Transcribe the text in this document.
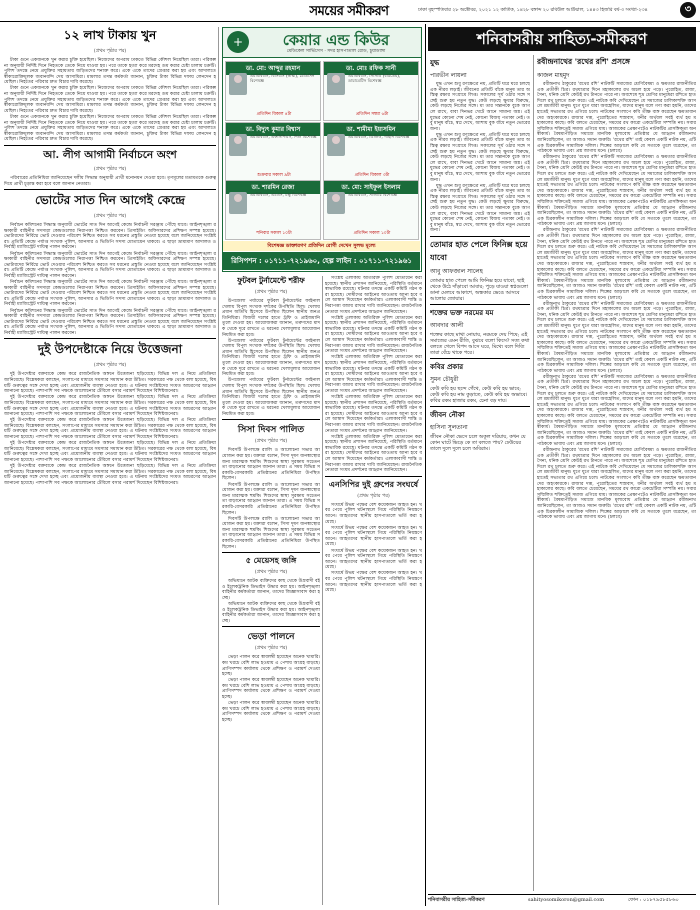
সময়ের সমীকরণ	ঢাকা বৃহস্পতিবার ২৮ অক্টোবর, ২০২১ ১২ কার্তিক, ১৪২৮ বঙ্গাব্দ ২০ রবিউল আউয়াল, ১৪৪৩ হিজরি বর্ষ-৩ সংখ্যা-২৩৪	৩
১২ লাখ টাকায় খুন
(প্রথম পৃষ্ঠার পর)

টাকা গুনে একজনকে খুন করার চুক্তি হয়েছিল। নিজেদের অপরাধ ঢাকতে বিভিন্ন কৌশল নিয়েছিল তারা। পরিকল্পনা অনুযায়ী নির্দিষ্ট দিনে নিহতকে ডেকে নিয়ে যাওয়া হয়। পরে তাকে হত্যা করে মরদেহ গুম করার চেষ্টা চালায় চক্রটি। পুলিশ তদন্তে নেমে প্রযুক্তির সহায়তায় জড়িতদের শনাক্ত করে। একে একে তাদের গ্রেপ্তার করা হয় এবং আদালতে স্বীকারোক্তিমূলক জবানবন্দি দেয় আসামিরা। মামলার তদন্ত কর্মকর্তা জানান, চুক্তির টাকা বিভিন্ন দফায় লেনদেন হয়েছিল। নিহতের পরিবার দ্রুত বিচার দাবি করেছে।

টাকা গুনে একজনকে খুন করার চুক্তি হয়েছিল। নিজেদের অপরাধ ঢাকতে বিভিন্ন কৌশল নিয়েছিল তারা। পরিকল্পনা অনুযায়ী নির্দিষ্ট দিনে নিহতকে ডেকে নিয়ে যাওয়া হয়। পরে তাকে হত্যা করে মরদেহ গুম করার চেষ্টা চালায় চক্রটি। পুলিশ তদন্তে নেমে প্রযুক্তির সহায়তায় জড়িতদের শনাক্ত করে। একে একে তাদের গ্রেপ্তার করা হয় এবং আদালতে স্বীকারোক্তিমূলক জবানবন্দি দেয় আসামিরা। মামলার তদন্ত কর্মকর্তা জানান, চুক্তির টাকা বিভিন্ন দফায় লেনদেন হয়েছিল। নিহতের পরিবার দ্রুত বিচার দাবি করেছে।

টাকা গুনে একজনকে খুন করার চুক্তি হয়েছিল। নিজেদের অপরাধ ঢাকতে বিভিন্ন কৌশল নিয়েছিল তারা। পরিকল্পনা অনুযায়ী নির্দিষ্ট দিনে নিহতকে ডেকে নিয়ে যাওয়া হয়। পরে তাকে হত্যা করে মরদেহ গুম করার চেষ্টা চালায় চক্রটি। পুলিশ তদন্তে নেমে প্রযুক্তির সহায়তায় জড়িতদের শনাক্ত করে। একে একে তাদের গ্রেপ্তার করা হয় এবং আদালতে স্বীকারোক্তিমূলক জবানবন্দি দেয় আসামিরা। মামলার তদন্ত কর্মকর্তা জানান, চুক্তির টাকা বিভিন্ন দফায় লেনদেন হয়েছিল। নিহতের পরিবার দ্রুত বিচার দাবি করেছে।

আ. লীগ আগামী নির্বাচনে অংশ
(প্রথম পৃষ্ঠার পর)

পরিবারের প্রতিনিধিরা জানিয়েছেন দলীয় সিদ্ধান্ত অনুযায়ী প্রার্থী মনোনয়ন দেওয়া হবে। তৃণমূলের মতামতকে গুরুত্ব দিয়ে প্রার্থী চূড়ান্ত করা হবে বলে জানান নেতারা।

ভোটের সাত দিন আগেই কেন্দ্রে
(প্রথম পৃষ্ঠার পর)

নির্বাচন কমিশনের সিদ্ধান্ত অনুযায়ী ভোটের সাত দিন আগেই কেন্দ্রে নির্বাচনী সরঞ্জাম পৌঁছে যাবে। আইনশৃঙ্খলা রক্ষাকারী বাহিনীর সদস্যরা কেন্দ্রগুলোর নিরাপত্তা নিশ্চিত করবেন। প্রিসাইডিং অফিসারদের প্রশিক্ষণ সম্পন্ন হয়েছে। ভোটারদের নির্বিঘ্নে ভোট দেওয়ার পরিবেশ নিশ্চিত করতে সব ধরনের প্রস্তুতি নেওয়া হয়েছে বলে জানিয়েছেন সংশ্লিষ্টরা। প্রতিটি কেন্দ্রে পর্যাপ্ত সংখ্যক পুলিশ, আনসার ও ভিডিপি সদস্য মোতায়েন থাকবে। এ ছাড়া ভ্রাম্যমাণ আদালত ও নির্বাহী ম্যাজিস্ট্রেট দায়িত্ব পালন করবেন।

নির্বাচন কমিশনের সিদ্ধান্ত অনুযায়ী ভোটের সাত দিন আগেই কেন্দ্রে নির্বাচনী সরঞ্জাম পৌঁছে যাবে। আইনশৃঙ্খলা রক্ষাকারী বাহিনীর সদস্যরা কেন্দ্রগুলোর নিরাপত্তা নিশ্চিত করবেন। প্রিসাইডিং অফিসারদের প্রশিক্ষণ সম্পন্ন হয়েছে। ভোটারদের নির্বিঘ্নে ভোট দেওয়ার পরিবেশ নিশ্চিত করতে সব ধরনের প্রস্তুতি নেওয়া হয়েছে বলে জানিয়েছেন সংশ্লিষ্টরা। প্রতিটি কেন্দ্রে পর্যাপ্ত সংখ্যক পুলিশ, আনসার ও ভিডিপি সদস্য মোতায়েন থাকবে। এ ছাড়া ভ্রাম্যমাণ আদালত ও নির্বাহী ম্যাজিস্ট্রেট দায়িত্ব পালন করবেন।

নির্বাচন কমিশনের সিদ্ধান্ত অনুযায়ী ভোটের সাত দিন আগেই কেন্দ্রে নির্বাচনী সরঞ্জাম পৌঁছে যাবে। আইনশৃঙ্খলা রক্ষাকারী বাহিনীর সদস্যরা কেন্দ্রগুলোর নিরাপত্তা নিশ্চিত করবেন। প্রিসাইডিং অফিসারদের প্রশিক্ষণ সম্পন্ন হয়েছে। ভোটারদের নির্বিঘ্নে ভোট দেওয়ার পরিবেশ নিশ্চিত করতে সব ধরনের প্রস্তুতি নেওয়া হয়েছে বলে জানিয়েছেন সংশ্লিষ্টরা। প্রতিটি কেন্দ্রে পর্যাপ্ত সংখ্যক পুলিশ, আনসার ও ভিডিপি সদস্য মোতায়েন থাকবে। এ ছাড়া ভ্রাম্যমাণ আদালত ও নির্বাহী ম্যাজিস্ট্রেট দায়িত্ব পালন করবেন।

নির্বাচন কমিশনের সিদ্ধান্ত অনুযায়ী ভোটের সাত দিন আগেই কেন্দ্রে নির্বাচনী সরঞ্জাম পৌঁছে যাবে। আইনশৃঙ্খলা রক্ষাকারী বাহিনীর সদস্যরা কেন্দ্রগুলোর নিরাপত্তা নিশ্চিত করবেন। প্রিসাইডিং অফিসারদের প্রশিক্ষণ সম্পন্ন হয়েছে। ভোটারদের নির্বিঘ্নে ভোট দেওয়ার পরিবেশ নিশ্চিত করতে সব ধরনের প্রস্তুতি নেওয়া হয়েছে বলে জানিয়েছেন সংশ্লিষ্টরা। প্রতিটি কেন্দ্রে পর্যাপ্ত সংখ্যক পুলিশ, আনসার ও ভিডিপি সদস্য মোতায়েন থাকবে। এ ছাড়া ভ্রাম্যমাণ আদালত ও নির্বাহী ম্যাজিস্ট্রেট দায়িত্ব পালন করবেন।

দুই উপদেষ্টাকে নিয়ে উত্তেজনা
(প্রথম পৃষ্ঠার পর)

দুই উপদেষ্টার বক্তব্যকে কেন্দ্র করে রাজনৈতিক অঙ্গনে উত্তেজনা ছড়িয়েছে। বিভিন্ন দল এ নিয়ে প্রতিক্রিয়া জানিয়েছে। বিশ্লেষকরা বলছেন, সংলাপের মাধ্যমে সমস্যার সমাধান করা উচিত। সরকারের পক্ষ থেকে বলা হয়েছে, বিষয়টি গুরুত্বের সঙ্গে দেখা হচ্ছে এবং প্রয়োজনীয় ব্যবস্থা নেওয়া হবে। এ ঘটনায় সংশ্লিষ্টদের সংযত আচরণের আহ্বান জানানো হয়েছে। পাশাপাশি সব পক্ষকে আলোচনার টেবিলে বসার পরামর্শ দিয়েছেন বিশিষ্টজনেরা।

দুই উপদেষ্টার বক্তব্যকে কেন্দ্র করে রাজনৈতিক অঙ্গনে উত্তেজনা ছড়িয়েছে। বিভিন্ন দল এ নিয়ে প্রতিক্রিয়া জানিয়েছে। বিশ্লেষকরা বলছেন, সংলাপের মাধ্যমে সমস্যার সমাধান করা উচিত। সরকারের পক্ষ থেকে বলা হয়েছে, বিষয়টি গুরুত্বের সঙ্গে দেখা হচ্ছে এবং প্রয়োজনীয় ব্যবস্থা নেওয়া হবে। এ ঘটনায় সংশ্লিষ্টদের সংযত আচরণের আহ্বান জানানো হয়েছে। পাশাপাশি সব পক্ষকে আলোচনার টেবিলে বসার পরামর্শ দিয়েছেন বিশিষ্টজনেরা।

দুই উপদেষ্টার বক্তব্যকে কেন্দ্র করে রাজনৈতিক অঙ্গনে উত্তেজনা ছড়িয়েছে। বিভিন্ন দল এ নিয়ে প্রতিক্রিয়া জানিয়েছে। বিশ্লেষকরা বলছেন, সংলাপের মাধ্যমে সমস্যার সমাধান করা উচিত। সরকারের পক্ষ থেকে বলা হয়েছে, বিষয়টি গুরুত্বের সঙ্গে দেখা হচ্ছে এবং প্রয়োজনীয় ব্যবস্থা নেওয়া হবে। এ ঘটনায় সংশ্লিষ্টদের সংযত আচরণের আহ্বান জানানো হয়েছে। পাশাপাশি সব পক্ষকে আলোচনার টেবিলে বসার পরামর্শ দিয়েছেন বিশিষ্টজনেরা।

দুই উপদেষ্টার বক্তব্যকে কেন্দ্র করে রাজনৈতিক অঙ্গনে উত্তেজনা ছড়িয়েছে। বিভিন্ন দল এ নিয়ে প্রতিক্রিয়া জানিয়েছে। বিশ্লেষকরা বলছেন, সংলাপের মাধ্যমে সমস্যার সমাধান করা উচিত। সরকারের পক্ষ থেকে বলা হয়েছে, বিষয়টি গুরুত্বের সঙ্গে দেখা হচ্ছে এবং প্রয়োজনীয় ব্যবস্থা নেওয়া হবে। এ ঘটনায় সংশ্লিষ্টদের সংযত আচরণের আহ্বান জানানো হয়েছে। পাশাপাশি সব পক্ষকে আলোচনার টেবিলে বসার পরামর্শ দিয়েছেন বিশিষ্টজনেরা।

দুই উপদেষ্টার বক্তব্যকে কেন্দ্র করে রাজনৈতিক অঙ্গনে উত্তেজনা ছড়িয়েছে। বিভিন্ন দল এ নিয়ে প্রতিক্রিয়া জানিয়েছে। বিশ্লেষকরা বলছেন, সংলাপের মাধ্যমে সমস্যার সমাধান করা উচিত। সরকারের পক্ষ থেকে বলা হয়েছে, বিষয়টি গুরুত্বের সঙ্গে দেখা হচ্ছে এবং প্রয়োজনীয় ব্যবস্থা নেওয়া হবে। এ ঘটনায় সংশ্লিষ্টদের সংযত আচরণের আহ্বান জানানো হয়েছে। পাশাপাশি সব পক্ষকে আলোচনার টেবিলে বসার পরামর্শ দিয়েছেন বিশিষ্টজনেরা।

+	কেয়ার এন্ড কিউর
মেডিকেল সার্ভিসেস · সদর হাসপাতাল রোড, চুয়াডাঙ্গা
ডা. মো: আব্দুর রহমান
এমবিবিএস, বিসিএস (স্বাস্থ্য), মেডিসিন বিশেষজ্ঞ
প্রতিদিন বিকাল ৪টা
ডা. মোঃ রফিক সানী
এমবিবিএস, সিসিডি (বারডেম), ডায়াবেটিস বিশেষজ্ঞ
প্রতিদিন সন্ধ্যা ৬টা
ডা. বিদ্যুৎ কুমার বিশ্বাস
এমবিবিএস, এফসিপিএস, শিশু বিশেষজ্ঞ
শুক্রবার সকাল ৯টা
ডা. শামীমা ইয়াসমিন
এমবিবিএস, ডিজিও, গাইনি বিশেষজ্ঞ
প্রতিদিন বিকাল ৩টা
ডা. শারমিন রেজা
এমবিবিএস, এমএস, চক্ষু বিশেষজ্ঞ
শনিবার সকাল ১০টা
ডা. মো: সাইফুল ইসলাম
এমবিবিএস, সার্জারি বিশেষজ্ঞ
প্রতিদিন সকাল ১০টা
বিশেষজ্ঞ ডাক্তারগণ প্রতিদিন রোগী দেখেন সুলভ মূল্যে
রিসিপশন : ০১৭১১-৭২১৯৬০, হেল্প লাইন : ০১৭১১-৭২১৯৬১
ফুটবল টুর্নামেন্টে শরীফ
(প্রথম পৃষ্ঠার পর)

উপজেলা পর্যায়ের ফুটবল টুর্নামেন্টের ফাইনাল খেলায় বিপুল সংখ্যক দর্শকের উপস্থিতি ছিল। খেলায় প্রধান অতিথি হিসেবে উপস্থিত ছিলেন স্থানীয় জনপ্রতিনিধিরা। বিজয়ী দলের হাতে ট্রফি ও প্রাইজমানি তুলে দেওয়া হয়। আয়োজকরা জানান, তরুণদের মাদক থেকে দূরে রাখতে এ ধরনের খেলাধুলার আয়োজন নিয়মিত করা হবে।

উপজেলা পর্যায়ের ফুটবল টুর্নামেন্টের ফাইনাল খেলায় বিপুল সংখ্যক দর্শকের উপস্থিতি ছিল। খেলায় প্রধান অতিথি হিসেবে উপস্থিত ছিলেন স্থানীয় জনপ্রতিনিধিরা। বিজয়ী দলের হাতে ট্রফি ও প্রাইজমানি তুলে দেওয়া হয়। আয়োজকরা জানান, তরুণদের মাদক থেকে দূরে রাখতে এ ধরনের খেলাধুলার আয়োজন নিয়মিত করা হবে।

উপজেলা পর্যায়ের ফুটবল টুর্নামেন্টের ফাইনাল খেলায় বিপুল সংখ্যক দর্শকের উপস্থিতি ছিল। খেলায় প্রধান অতিথি হিসেবে উপস্থিত ছিলেন স্থানীয় জনপ্রতিনিধিরা। বিজয়ী দলের হাতে ট্রফি ও প্রাইজমানি তুলে দেওয়া হয়। আয়োজকরা জানান, তরুণদের মাদক থেকে দূরে রাখতে এ ধরনের খেলাধুলার আয়োজন নিয়মিত করা হবে।

সিসা দিবস পালিত
(প্রথম পৃষ্ঠার পর)

দিবসটি উপলক্ষে র‍্যালি ও আলোচনা সভার আয়োজন করা হয়। বক্তারা বলেন, সিসা দূষণ জনস্বাস্থ্যের জন্য মারাত্মক হুমকি। শিশুদের স্বাস্থ্য সুরক্ষায় সচেতনতা বাড়ানোর আহ্বান জানান তারা। এ সময় বিভিন্ন সরকারি-বেসরকারি প্রতিষ্ঠানের প্রতিনিধিরা উপস্থিত ছিলেন।

দিবসটি উপলক্ষে র‍্যালি ও আলোচনা সভার আয়োজন করা হয়। বক্তারা বলেন, সিসা দূষণ জনস্বাস্থ্যের জন্য মারাত্মক হুমকি। শিশুদের স্বাস্থ্য সুরক্ষায় সচেতনতা বাড়ানোর আহ্বান জানান তারা। এ সময় বিভিন্ন সরকারি-বেসরকারি প্রতিষ্ঠানের প্রতিনিধিরা উপস্থিত ছিলেন।

দিবসটি উপলক্ষে র‍্যালি ও আলোচনা সভার আয়োজন করা হয়। বক্তারা বলেন, সিসা দূষণ জনস্বাস্থ্যের জন্য মারাত্মক হুমকি। শিশুদের স্বাস্থ্য সুরক্ষায় সচেতনতা বাড়ানোর আহ্বান জানান তারা। এ সময় বিভিন্ন সরকারি-বেসরকারি প্রতিষ্ঠানের প্রতিনিধিরা উপস্থিত ছিলেন।

৫ মেয়েসহ জঙ্গি
(প্রথম পৃষ্ঠার পর)

অভিযানে আটক ব্যক্তিদের কাছ থেকে উগ্রবাদী বই ও ইলেকট্রনিক ডিভাইস উদ্ধার করা হয়। আইনশৃঙ্খলা বাহিনীর কর্মকর্তারা জানান, তাদের জিজ্ঞাসাবাদ করা হচ্ছে।

অভিযানে আটক ব্যক্তিদের কাছ থেকে উগ্রবাদী বই ও ইলেকট্রনিক ডিভাইস উদ্ধার করা হয়। আইনশৃঙ্খলা বাহিনীর কর্মকর্তারা জানান, তাদের জিজ্ঞাসাবাদ করা হচ্ছে।

ভেড়া পালনে
(প্রথম পৃষ্ঠার পর)

ভেড়া পালন করে স্বাবলম্বী হয়েছেন অনেক খামারি। কম খরচে বেশি লাভ হওয়ায় এ পেশায় আগ্রহ বাড়ছে। প্রাণিসম্পদ কার্যালয় থেকে প্রশিক্ষণ ও পরামর্শ দেওয়া হচ্ছে।

ভেড়া পালন করে স্বাবলম্বী হয়েছেন অনেক খামারি। কম খরচে বেশি লাভ হওয়ায় এ পেশায় আগ্রহ বাড়ছে। প্রাণিসম্পদ কার্যালয় থেকে প্রশিক্ষণ ও পরামর্শ দেওয়া হচ্ছে।

ভেড়া পালন করে স্বাবলম্বী হয়েছেন অনেক খামারি। কম খরচে বেশি লাভ হওয়ায় এ পেশায় আগ্রহ বাড়ছে। প্রাণিসম্পদ কার্যালয় থেকে প্রশিক্ষণ ও পরামর্শ দেওয়া হচ্ছে।

সংশ্লিষ্ট এলাকায় অতিরিক্ত পুলিশ মোতায়েন করা হয়েছে। স্থানীয় প্রশাসন জানিয়েছে, পরিস্থিতি বর্তমানে স্বাভাবিক রয়েছে। ঘটনার তদন্তে একটি কমিটি গঠন করা হয়েছে। দোষীদের আইনের আওতায় আনা হবে বলে আশ্বাস দিয়েছেন কর্মকর্তারা। এলাকাবাসী শান্তি ও নিরাপত্তা বজায় রাখার দাবি জানিয়েছেন। রাজনৈতিক নেতারা সংযম প্রদর্শনের আহ্বান জানিয়েছেন।

সংশ্লিষ্ট এলাকায় অতিরিক্ত পুলিশ মোতায়েন করা হয়েছে। স্থানীয় প্রশাসন জানিয়েছে, পরিস্থিতি বর্তমানে স্বাভাবিক রয়েছে। ঘটনার তদন্তে একটি কমিটি গঠন করা হয়েছে। দোষীদের আইনের আওতায় আনা হবে বলে আশ্বাস দিয়েছেন কর্মকর্তারা। এলাকাবাসী শান্তি ও নিরাপত্তা বজায় রাখার দাবি জানিয়েছেন। রাজনৈতিক নেতারা সংযম প্রদর্শনের আহ্বান জানিয়েছেন।

সংশ্লিষ্ট এলাকায় অতিরিক্ত পুলিশ মোতায়েন করা হয়েছে। স্থানীয় প্রশাসন জানিয়েছে, পরিস্থিতি বর্তমানে স্বাভাবিক রয়েছে। ঘটনার তদন্তে একটি কমিটি গঠন করা হয়েছে। দোষীদের আইনের আওতায় আনা হবে বলে আশ্বাস দিয়েছেন কর্মকর্তারা। এলাকাবাসী শান্তি ও নিরাপত্তা বজায় রাখার দাবি জানিয়েছেন। রাজনৈতিক নেতারা সংযম প্রদর্শনের আহ্বান জানিয়েছেন।

সংশ্লিষ্ট এলাকায় অতিরিক্ত পুলিশ মোতায়েন করা হয়েছে। স্থানীয় প্রশাসন জানিয়েছে, পরিস্থিতি বর্তমানে স্বাভাবিক রয়েছে। ঘটনার তদন্তে একটি কমিটি গঠন করা হয়েছে। দোষীদের আইনের আওতায় আনা হবে বলে আশ্বাস দিয়েছেন কর্মকর্তারা। এলাকাবাসী শান্তি ও নিরাপত্তা বজায় রাখার দাবি জানিয়েছেন। রাজনৈতিক নেতারা সংযম প্রদর্শনের আহ্বান জানিয়েছেন।

সংশ্লিষ্ট এলাকায় অতিরিক্ত পুলিশ মোতায়েন করা হয়েছে। স্থানীয় প্রশাসন জানিয়েছে, পরিস্থিতি বর্তমানে স্বাভাবিক রয়েছে। ঘটনার তদন্তে একটি কমিটি গঠন করা হয়েছে। দোষীদের আইনের আওতায় আনা হবে বলে আশ্বাস দিয়েছেন কর্মকর্তারা। এলাকাবাসী শান্তি ও নিরাপত্তা বজায় রাখার দাবি জানিয়েছেন। রাজনৈতিক নেতারা সংযম প্রদর্শনের আহ্বান জানিয়েছেন।

এনসিপির দুই গ্রুপের সংঘর্ষে
(প্রথম পৃষ্ঠার পর)

সংঘর্ষে উভয় পক্ষের বেশ কয়েকজন আহত হন। খবর পেয়ে পুলিশ ঘটনাস্থলে গিয়ে পরিস্থিতি নিয়ন্ত্রণে আনে। আহতদের স্থানীয় হাসপাতালে ভর্তি করা হয়েছে।

সংঘর্ষে উভয় পক্ষের বেশ কয়েকজন আহত হন। খবর পেয়ে পুলিশ ঘটনাস্থলে গিয়ে পরিস্থিতি নিয়ন্ত্রণে আনে। আহতদের স্থানীয় হাসপাতালে ভর্তি করা হয়েছে।

সংঘর্ষে উভয় পক্ষের বেশ কয়েকজন আহত হন। খবর পেয়ে পুলিশ ঘটনাস্থলে গিয়ে পরিস্থিতি নিয়ন্ত্রণে আনে। আহতদের স্থানীয় হাসপাতালে ভর্তি করা হয়েছে।

সংঘর্ষে উভয় পক্ষের বেশ কয়েকজন আহত হন। খবর পেয়ে পুলিশ ঘটনাস্থলে গিয়ে পরিস্থিতি নিয়ন্ত্রণে আনে। আহতদের স্থানীয় হাসপাতালে ভর্তি করা হয়েছে।

শনিবাসরীয় সাহিত্য-সমীকরণ
যুদ্ধ
পারভীন লায়লা

যুদ্ধ এখন শুধু রণক্ষেত্রে নয়, প্রতিটি ঘরে ঘরে চলছে এক নীরব লড়াই। জীবনের প্রতিটি বাঁকে মানুষ তার অস্তিত্ব রক্ষার সংগ্রামে লিপ্ত। সকালের সূর্য ওঠার সঙ্গে সঙ্গেই শুরু হয় নতুন যুদ্ধ। কেউ লড়ছে ক্ষুধার বিরুদ্ধে, কেউ লড়ছে নিজের সঙ্গে। মা তার সন্তানকে বুকে আগলে রাখে, বাবা দিনভর খেটে আনে সামান্য অন্ন। এই যুদ্ধের কোনো শেষ নেই, কোনো বিজয় পতাকা নেই। তবু মানুষ বাঁচে, স্বপ্ন দেখে, আশায় বুক বাঁধে নতুন ভোরের জন্য।

যুদ্ধ এখন শুধু রণক্ষেত্রে নয়, প্রতিটি ঘরে ঘরে চলছে এক নীরব লড়াই। জীবনের প্রতিটি বাঁকে মানুষ তার অস্তিত্ব রক্ষার সংগ্রামে লিপ্ত। সকালের সূর্য ওঠার সঙ্গে সঙ্গেই শুরু হয় নতুন যুদ্ধ। কেউ লড়ছে ক্ষুধার বিরুদ্ধে, কেউ লড়ছে নিজের সঙ্গে। মা তার সন্তানকে বুকে আগলে রাখে, বাবা দিনভর খেটে আনে সামান্য অন্ন। এই যুদ্ধের কোনো শেষ নেই, কোনো বিজয় পতাকা নেই। তবু মানুষ বাঁচে, স্বপ্ন দেখে, আশায় বুক বাঁধে নতুন ভোরের জন্য।

যুদ্ধ এখন শুধু রণক্ষেত্রে নয়, প্রতিটি ঘরে ঘরে চলছে এক নীরব লড়াই। জীবনের প্রতিটি বাঁকে মানুষ তার অস্তিত্ব রক্ষার সংগ্রামে লিপ্ত। সকালের সূর্য ওঠার সঙ্গে সঙ্গেই শুরু হয় নতুন যুদ্ধ। কেউ লড়ছে ক্ষুধার বিরুদ্ধে, কেউ লড়ছে নিজের সঙ্গে। মা তার সন্তানকে বুকে আগলে রাখে, বাবা দিনভর খেটে আনে সামান্য অন্ন। এই যুদ্ধের কোনো শেষ নেই, কোনো বিজয় পতাকা নেই। তবু মানুষ বাঁচে, স্বপ্ন দেখে, আশায় বুক বাঁধে নতুন ভোরের জন্য।

তোমার হাত পেলে ফিনিক্স হয়ে যাবো
আবু আফজাল সালেহ
তোমার হাত পেলে আমি ফিনিক্স হয়ে যাবো, ছাই থেকে উঠে দাঁড়াবো আবার; পুড়ে যাওয়া স্বপ্নগুলো ডানা মেলবে আকাশে, অন্ধকার ভেঙে আসবে আলোর জোয়ার।
শক্তের ভক্ত নরমের যম
আবদার আলী
শক্তের কাছে মাথা নোয়ায়, নরমকে দেয় পিষে; এই সমাজের এমন রীতি, বুঝবে বলো কিসে? সত্য কথা বলতে গেলে বিপদ আসে ঘরে, মিথ্যে বলে দিব্যি তারা বেঁচে থাকে পরে।
কবির প্রকার
সুমন চৌধুরী
কেউ কবি হয় ছন্দে গেঁথে, কেউ কবি হয় ভাবে; কেউ কবি হয় নাম কুড়াতে, কেউ কবি হয় অভাবে। কবির রকম হাজার রকম, চেনা বড় দায়।
জীবন নৌকা
হাসিনা সুলতানা
জীবন নৌকা ভেসে চলে অকূল দরিয়ায়, কখন যে কোন ঘাটে ভিড়ে কে তা বলতে পায়? ঢেউয়ের তালে দুলে দুলে চলে অবিরাম।
রবীন্দ্রনাথের 'রথের রশি' প্রসঙ্গে
কাজল মাহমুদ

রবীন্দ্রনাথ ঠাকুরের 'রথের রশি' নাটকটি সমাজের শ্রেণিবৈষম্য ও ক্ষমতার রাজনীতির এক প্রতীকী চিত্র। রথযাত্রার দিনে মহাকালের রথ অচল হয়ে পড়ে। পুরোহিত, রাজা, সৈন্য, ধনিক শ্রেণি কেউই রথ টানতে পারে না। অবশেষে শূদ্র শ্রেণির মানুষেরা রশিতে হাত দিলে রথ চলতে শুরু করে। এই নাটকে কবি দেখিয়েছেন যে সমাজের চালিকাশক্তি আসলে শ্রমজীবী মানুষ। যুগে যুগে যারা অবহেলিত, যাদের মানুষ বলে গণ্য করা হয়নি, তাদের হাতেই সভ্যতার রথ এগিয়ে চলে। নাটকের সংলাপে কবি তীক্ষ্ণ ব্যঙ্গ করেছেন ক্ষমতাবানদের অহংকারকে। রাজার দম্ভ, পুরোহিতের শাস্ত্রবাদ, ধনীর অর্থবল সবই ব্যর্থ হয় মহাকালের কাছে। কবি বলতে চেয়েছেন, সময়ের রথ কারো একচেটিয়া সম্পত্তি নয়। সবার সম্মিলিত শক্তিতেই সমাজ এগিয়ে যায়। আজকের প্রেক্ষাপটেও নাটকটির প্রাসঙ্গিকতা অনস্বীকার্য। বৈষম্যপীড়িত সমাজে মানবিক মূল্যবোধ প্রতিষ্ঠার যে আহ্বান রবীন্দ্রনাথ জানিয়েছিলেন, তা আজও সমান জরুরি। 'রথের রশি' তাই কেবল একটি নাটক নয়, এটি এক চিরকালীন সামাজিক দলিল। শিল্পের আড়ালে কবি যে সত্যকে তুলে ধরেছেন, তা পাঠককে ভাবায় এবং প্রশ্ন জাগায় মনে। (চলবে)

রবীন্দ্রনাথ ঠাকুরের 'রথের রশি' নাটকটি সমাজের শ্রেণিবৈষম্য ও ক্ষমতার রাজনীতির এক প্রতীকী চিত্র। রথযাত্রার দিনে মহাকালের রথ অচল হয়ে পড়ে। পুরোহিত, রাজা, সৈন্য, ধনিক শ্রেণি কেউই রথ টানতে পারে না। অবশেষে শূদ্র শ্রেণির মানুষেরা রশিতে হাত দিলে রথ চলতে শুরু করে। এই নাটকে কবি দেখিয়েছেন যে সমাজের চালিকাশক্তি আসলে শ্রমজীবী মানুষ। যুগে যুগে যারা অবহেলিত, যাদের মানুষ বলে গণ্য করা হয়নি, তাদের হাতেই সভ্যতার রথ এগিয়ে চলে। নাটকের সংলাপে কবি তীক্ষ্ণ ব্যঙ্গ করেছেন ক্ষমতাবানদের অহংকারকে। রাজার দম্ভ, পুরোহিতের শাস্ত্রবাদ, ধনীর অর্থবল সবই ব্যর্থ হয় মহাকালের কাছে। কবি বলতে চেয়েছেন, সময়ের রথ কারো একচেটিয়া সম্পত্তি নয়। সবার সম্মিলিত শক্তিতেই সমাজ এগিয়ে যায়। আজকের প্রেক্ষাপটেও নাটকটির প্রাসঙ্গিকতা অনস্বীকার্য। বৈষম্যপীড়িত সমাজে মানবিক মূল্যবোধ প্রতিষ্ঠার যে আহ্বান রবীন্দ্রনাথ জানিয়েছিলেন, তা আজও সমান জরুরি। 'রথের রশি' তাই কেবল একটি নাটক নয়, এটি এক চিরকালীন সামাজিক দলিল। শিল্পের আড়ালে কবি যে সত্যকে তুলে ধরেছেন, তা পাঠককে ভাবায় এবং প্রশ্ন জাগায় মনে। (চলবে)

রবীন্দ্রনাথ ঠাকুরের 'রথের রশি' নাটকটি সমাজের শ্রেণিবৈষম্য ও ক্ষমতার রাজনীতির এক প্রতীকী চিত্র। রথযাত্রার দিনে মহাকালের রথ অচল হয়ে পড়ে। পুরোহিত, রাজা, সৈন্য, ধনিক শ্রেণি কেউই রথ টানতে পারে না। অবশেষে শূদ্র শ্রেণির মানুষেরা রশিতে হাত দিলে রথ চলতে শুরু করে। এই নাটকে কবি দেখিয়েছেন যে সমাজের চালিকাশক্তি আসলে শ্রমজীবী মানুষ। যুগে যুগে যারা অবহেলিত, যাদের মানুষ বলে গণ্য করা হয়নি, তাদের হাতেই সভ্যতার রথ এগিয়ে চলে। নাটকের সংলাপে কবি তীক্ষ্ণ ব্যঙ্গ করেছেন ক্ষমতাবানদের অহংকারকে। রাজার দম্ভ, পুরোহিতের শাস্ত্রবাদ, ধনীর অর্থবল সবই ব্যর্থ হয় মহাকালের কাছে। কবি বলতে চেয়েছেন, সময়ের রথ কারো একচেটিয়া সম্পত্তি নয়। সবার সম্মিলিত শক্তিতেই সমাজ এগিয়ে যায়। আজকের প্রেক্ষাপটেও নাটকটির প্রাসঙ্গিকতা অনস্বীকার্য। বৈষম্যপীড়িত সমাজে মানবিক মূল্যবোধ প্রতিষ্ঠার যে আহ্বান রবীন্দ্রনাথ জানিয়েছিলেন, তা আজও সমান জরুরি। 'রথের রশি' তাই কেবল একটি নাটক নয়, এটি এক চিরকালীন সামাজিক দলিল। শিল্পের আড়ালে কবি যে সত্যকে তুলে ধরেছেন, তা পাঠককে ভাবায় এবং প্রশ্ন জাগায় মনে। (চলবে)

রবীন্দ্রনাথ ঠাকুরের 'রথের রশি' নাটকটি সমাজের শ্রেণিবৈষম্য ও ক্ষমতার রাজনীতির এক প্রতীকী চিত্র। রথযাত্রার দিনে মহাকালের রথ অচল হয়ে পড়ে। পুরোহিত, রাজা, সৈন্য, ধনিক শ্রেণি কেউই রথ টানতে পারে না। অবশেষে শূদ্র শ্রেণির মানুষেরা রশিতে হাত দিলে রথ চলতে শুরু করে। এই নাটকে কবি দেখিয়েছেন যে সমাজের চালিকাশক্তি আসলে শ্রমজীবী মানুষ। যুগে যুগে যারা অবহেলিত, যাদের মানুষ বলে গণ্য করা হয়নি, তাদের হাতেই সভ্যতার রথ এগিয়ে চলে। নাটকের সংলাপে কবি তীক্ষ্ণ ব্যঙ্গ করেছেন ক্ষমতাবানদের অহংকারকে। রাজার দম্ভ, পুরোহিতের শাস্ত্রবাদ, ধনীর অর্থবল সবই ব্যর্থ হয় মহাকালের কাছে। কবি বলতে চেয়েছেন, সময়ের রথ কারো একচেটিয়া সম্পত্তি নয়। সবার সম্মিলিত শক্তিতেই সমাজ এগিয়ে যায়। আজকের প্রেক্ষাপটেও নাটকটির প্রাসঙ্গিকতা অনস্বীকার্য। বৈষম্যপীড়িত সমাজে মানবিক মূল্যবোধ প্রতিষ্ঠার যে আহ্বান রবীন্দ্রনাথ জানিয়েছিলেন, তা আজও সমান জরুরি। 'রথের রশি' তাই কেবল একটি নাটক নয়, এটি এক চিরকালীন সামাজিক দলিল। শিল্পের আড়ালে কবি যে সত্যকে তুলে ধরেছেন, তা পাঠককে ভাবায় এবং প্রশ্ন জাগায় মনে। (চলবে)

রবীন্দ্রনাথ ঠাকুরের 'রথের রশি' নাটকটি সমাজের শ্রেণিবৈষম্য ও ক্ষমতার রাজনীতির এক প্রতীকী চিত্র। রথযাত্রার দিনে মহাকালের রথ অচল হয়ে পড়ে। পুরোহিত, রাজা, সৈন্য, ধনিক শ্রেণি কেউই রথ টানতে পারে না। অবশেষে শূদ্র শ্রেণির মানুষেরা রশিতে হাত দিলে রথ চলতে শুরু করে। এই নাটকে কবি দেখিয়েছেন যে সমাজের চালিকাশক্তি আসলে শ্রমজীবী মানুষ। যুগে যুগে যারা অবহেলিত, যাদের মানুষ বলে গণ্য করা হয়নি, তাদের হাতেই সভ্যতার রথ এগিয়ে চলে। নাটকের সংলাপে কবি তীক্ষ্ণ ব্যঙ্গ করেছেন ক্ষমতাবানদের অহংকারকে। রাজার দম্ভ, পুরোহিতের শাস্ত্রবাদ, ধনীর অর্থবল সবই ব্যর্থ হয় মহাকালের কাছে। কবি বলতে চেয়েছেন, সময়ের রথ কারো একচেটিয়া সম্পত্তি নয়। সবার সম্মিলিত শক্তিতেই সমাজ এগিয়ে যায়। আজকের প্রেক্ষাপটেও নাটকটির প্রাসঙ্গিকতা অনস্বীকার্য। বৈষম্যপীড়িত সমাজে মানবিক মূল্যবোধ প্রতিষ্ঠার যে আহ্বান রবীন্দ্রনাথ জানিয়েছিলেন, তা আজও সমান জরুরি। 'রথের রশি' তাই কেবল একটি নাটক নয়, এটি এক চিরকালীন সামাজিক দলিল। শিল্পের আড়ালে কবি যে সত্যকে তুলে ধরেছেন, তা পাঠককে ভাবায় এবং প্রশ্ন জাগায় মনে। (চলবে)

রবীন্দ্রনাথ ঠাকুরের 'রথের রশি' নাটকটি সমাজের শ্রেণিবৈষম্য ও ক্ষমতার রাজনীতির এক প্রতীকী চিত্র। রথযাত্রার দিনে মহাকালের রথ অচল হয়ে পড়ে। পুরোহিত, রাজা, সৈন্য, ধনিক শ্রেণি কেউই রথ টানতে পারে না। অবশেষে শূদ্র শ্রেণির মানুষেরা রশিতে হাত দিলে রথ চলতে শুরু করে। এই নাটকে কবি দেখিয়েছেন যে সমাজের চালিকাশক্তি আসলে শ্রমজীবী মানুষ। যুগে যুগে যারা অবহেলিত, যাদের মানুষ বলে গণ্য করা হয়নি, তাদের হাতেই সভ্যতার রথ এগিয়ে চলে। নাটকের সংলাপে কবি তীক্ষ্ণ ব্যঙ্গ করেছেন ক্ষমতাবানদের অহংকারকে। রাজার দম্ভ, পুরোহিতের শাস্ত্রবাদ, ধনীর অর্থবল সবই ব্যর্থ হয় মহাকালের কাছে। কবি বলতে চেয়েছেন, সময়ের রথ কারো একচেটিয়া সম্পত্তি নয়। সবার সম্মিলিত শক্তিতেই সমাজ এগিয়ে যায়। আজকের প্রেক্ষাপটেও নাটকটির প্রাসঙ্গিকতা অনস্বীকার্য। বৈষম্যপীড়িত সমাজে মানবিক মূল্যবোধ প্রতিষ্ঠার যে আহ্বান রবীন্দ্রনাথ জানিয়েছিলেন, তা আজও সমান জরুরি। 'রথের রশি' তাই কেবল একটি নাটক নয়, এটি এক চিরকালীন সামাজিক দলিল। শিল্পের আড়ালে কবি যে সত্যকে তুলে ধরেছেন, তা পাঠককে ভাবায় এবং প্রশ্ন জাগায় মনে। (চলবে)

শনিবাসরীয় সাহিত্য-সমীকরণ	sahityosomikoron@gmail.com	ফোন : ০১৮৭৯৫৮৫৮৬০
